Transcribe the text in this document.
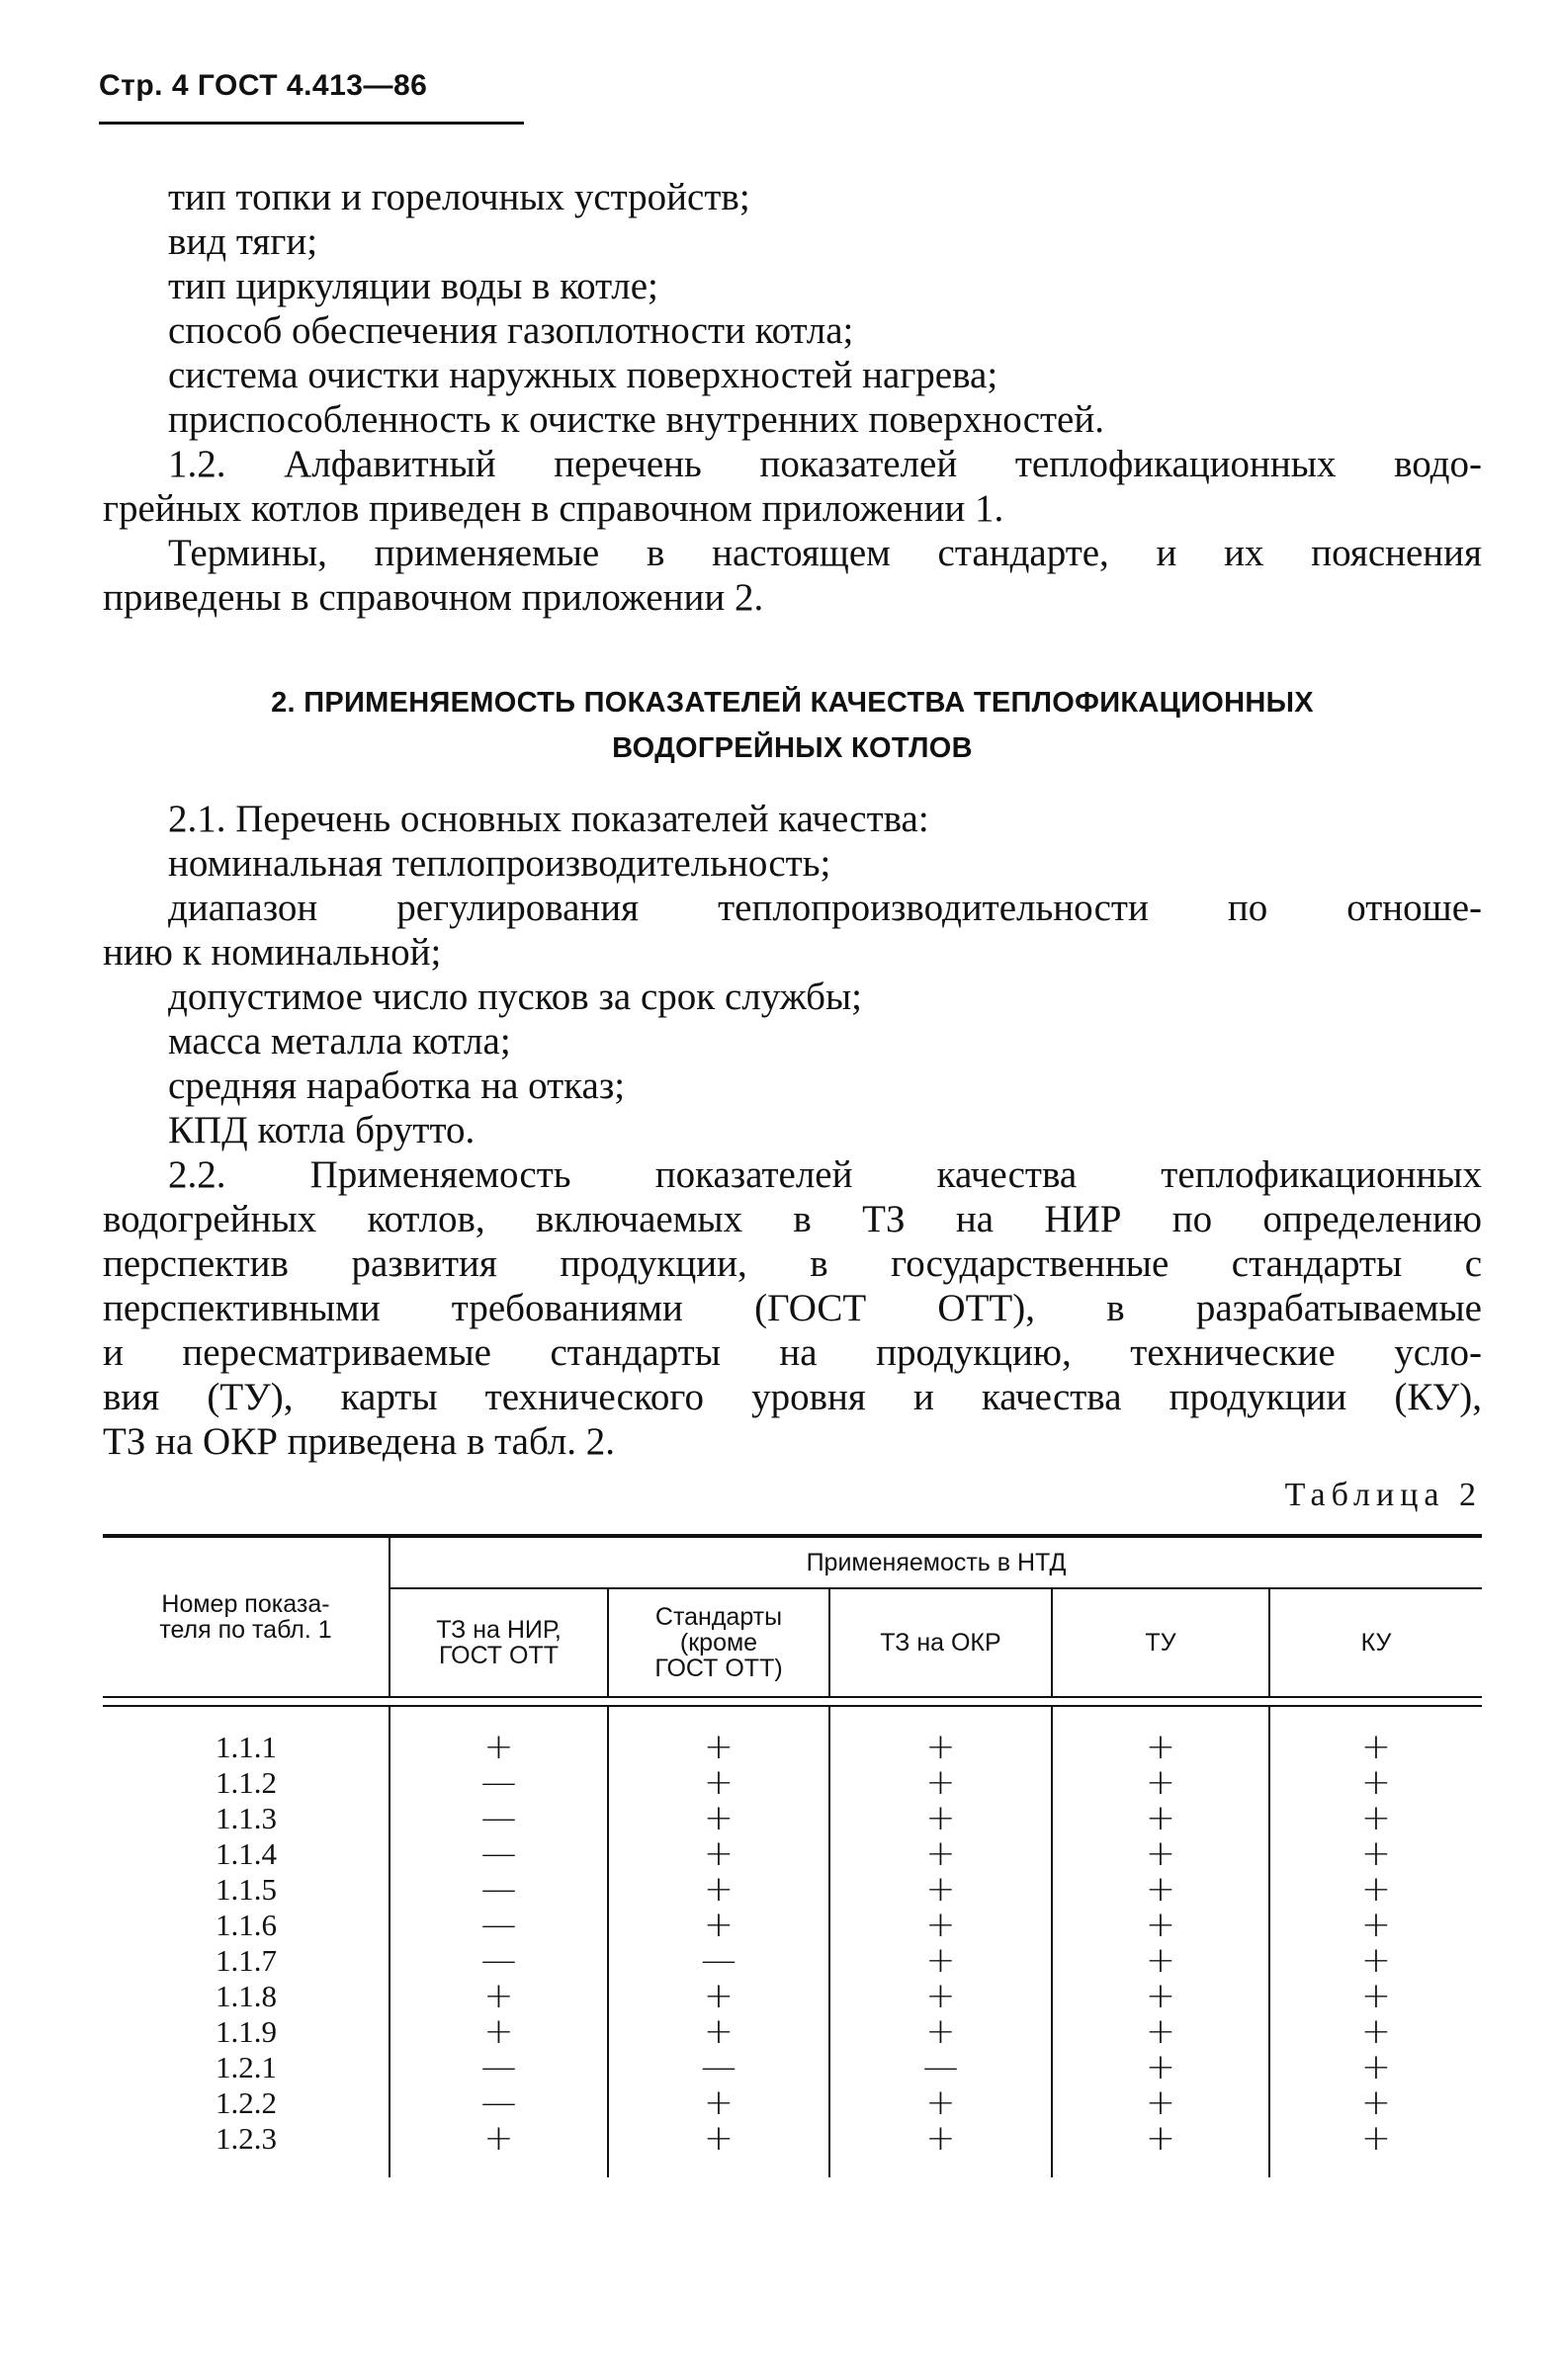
Стр. 4 ГОСТ 4.413—86
тип топки и горелочных устройств;
вид тяги;
тип циркуляции воды в котле;
способ обеспечения газоплотности котла;
система очистки наружных поверхностей нагрева;
приспособленность к очистке внутренних поверхностей.
1.2. Алфавитный перечень показателей теплофикационных водо-
грейных котлов приведен в справочном приложении 1.
Термины, применяемые в настоящем стандарте, и их пояснения
приведены в справочном приложении 2.
2. ПРИМЕНЯЕМОСТЬ ПОКАЗАТЕЛЕЙ КАЧЕСТВА ТЕПЛОФИКАЦИОННЫХ
ВОДОГРЕЙНЫХ КОТЛОВ
2.1. Перечень основных показателей качества:
номинальная теплопроизводительность;
диапазон регулирования теплопроизводительности по отноше-
нию к номинальной;
допустимое число пусков за срок службы;
масса металла котла;
средняя наработка на отказ;
КПД котла брутто.
2.2. Применяемость показателей качества теплофикационных
водогрейных котлов, включаемых в ТЗ на НИР по определению
перспектив развития продукции, в государственные стандарты с
перспективными требованиями (ГОСТ ОТТ), в разрабатываемые
и пересматриваемые стандарты на продукцию, технические усло-
вия (ТУ), карты технического уровня и качества продукции (КУ),
ТЗ на ОКР приведена в табл. 2.
Таблица 2
Номер показа-
теля по табл. 1
Применяемость в НТД
ТЗ на НИР,
ГОСТ ОТТ
Стандарты
(кроме
ГОСТ ОТТ)
ТЗ на ОКР	ТУ	КУ
1.1.1
1.1.2
1.1.3
1.1.4
1.1.5
1.1.6
1.1.7
1.1.8
1.1.9
1.2.1
1.2.2
1.2.3
+
—
—
—
—
—
—
+
+
—
—
+
+
+
+
+
+
+
—
+
+
—
+
+
+
+
+
+
+
+
+
+
+
—
+
+
+
+
+
+
+
+
+
+
+
+
+
+
+
+
+
+
+
+
+
+
+
+
+
+
